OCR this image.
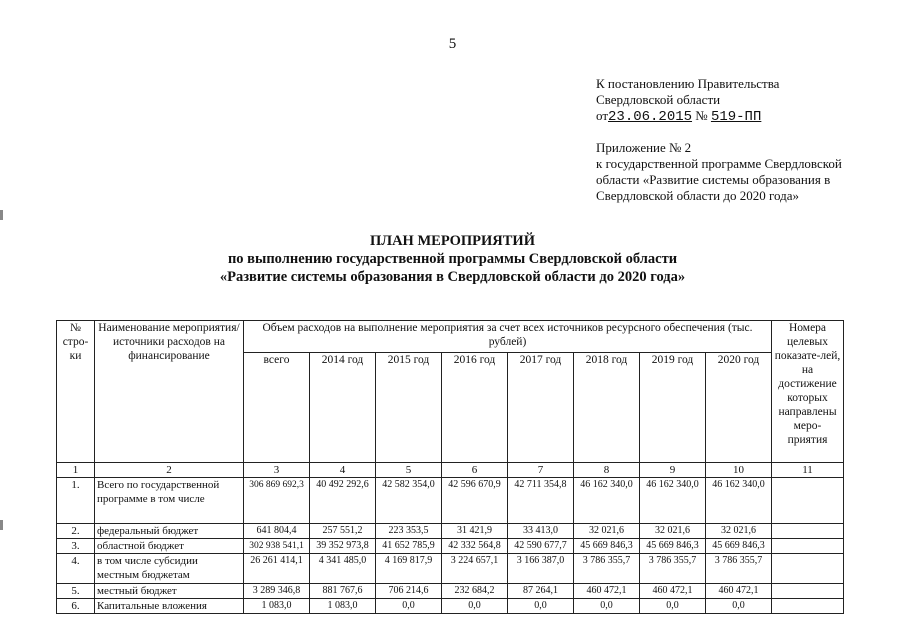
5
К постановлению Правительства
Свердловской области
от23.06.2015 № 519-ПП
Приложение № 2
к государственной программе Свердловской
области «Развитие системы образования в
Свердловской области до 2020 года»
ПЛАН МЕРОПРИЯТИЙ
по выполнению государственной программы Свердловской области
«Развитие системы образования в Свердловской области до 2020 года»
№ стро-ки	Наименование мероприятия/ источники расходов на финансирование	Объем расходов на выполнение мероприятия за счет всех источников ресурсного обеспечения (тыс. рублей)								Номера целевых показате-лей, на достижение которых направлены меро-приятия
		всего	2014 год	2015 год	2016 год	2017 год	2018 год	2019 год	2020 год	
1	2	3	4	5	6	7	8	9	10	11
1.	Всего по государственной программе в том числе	306 869 692,3	40 492 292,6	42 582 354,0	42 596 670,9	42 711 354,8	46 162 340,0	46 162 340,0	46 162 340,0	
2.	федеральный бюджет	641 804,4	257 551,2	223 353,5	31 421,9	33 413,0	32 021,6	32 021,6	32 021,6	
3.	областной бюджет	302 938 541,1	39 352 973,8	41 652 785,9	42 332 564,8	42 590 677,7	45 669 846,3	45 669 846,3	45 669 846,3	
4.	в том числе субсидии местным бюджетам	26 261 414,1	4 341 485,0	4 169 817,9	3 224 657,1	3 166 387,0	3 786 355,7	3 786 355,7	3 786 355,7	
5.	местный бюджет	3 289 346,8	881 767,6	706 214,6	232 684,2	87 264,1	460 472,1	460 472,1	460 472,1	
6.	Капитальные вложения	1 083,0	1 083,0	0,0	0,0	0,0	0,0	0,0	0,0	
